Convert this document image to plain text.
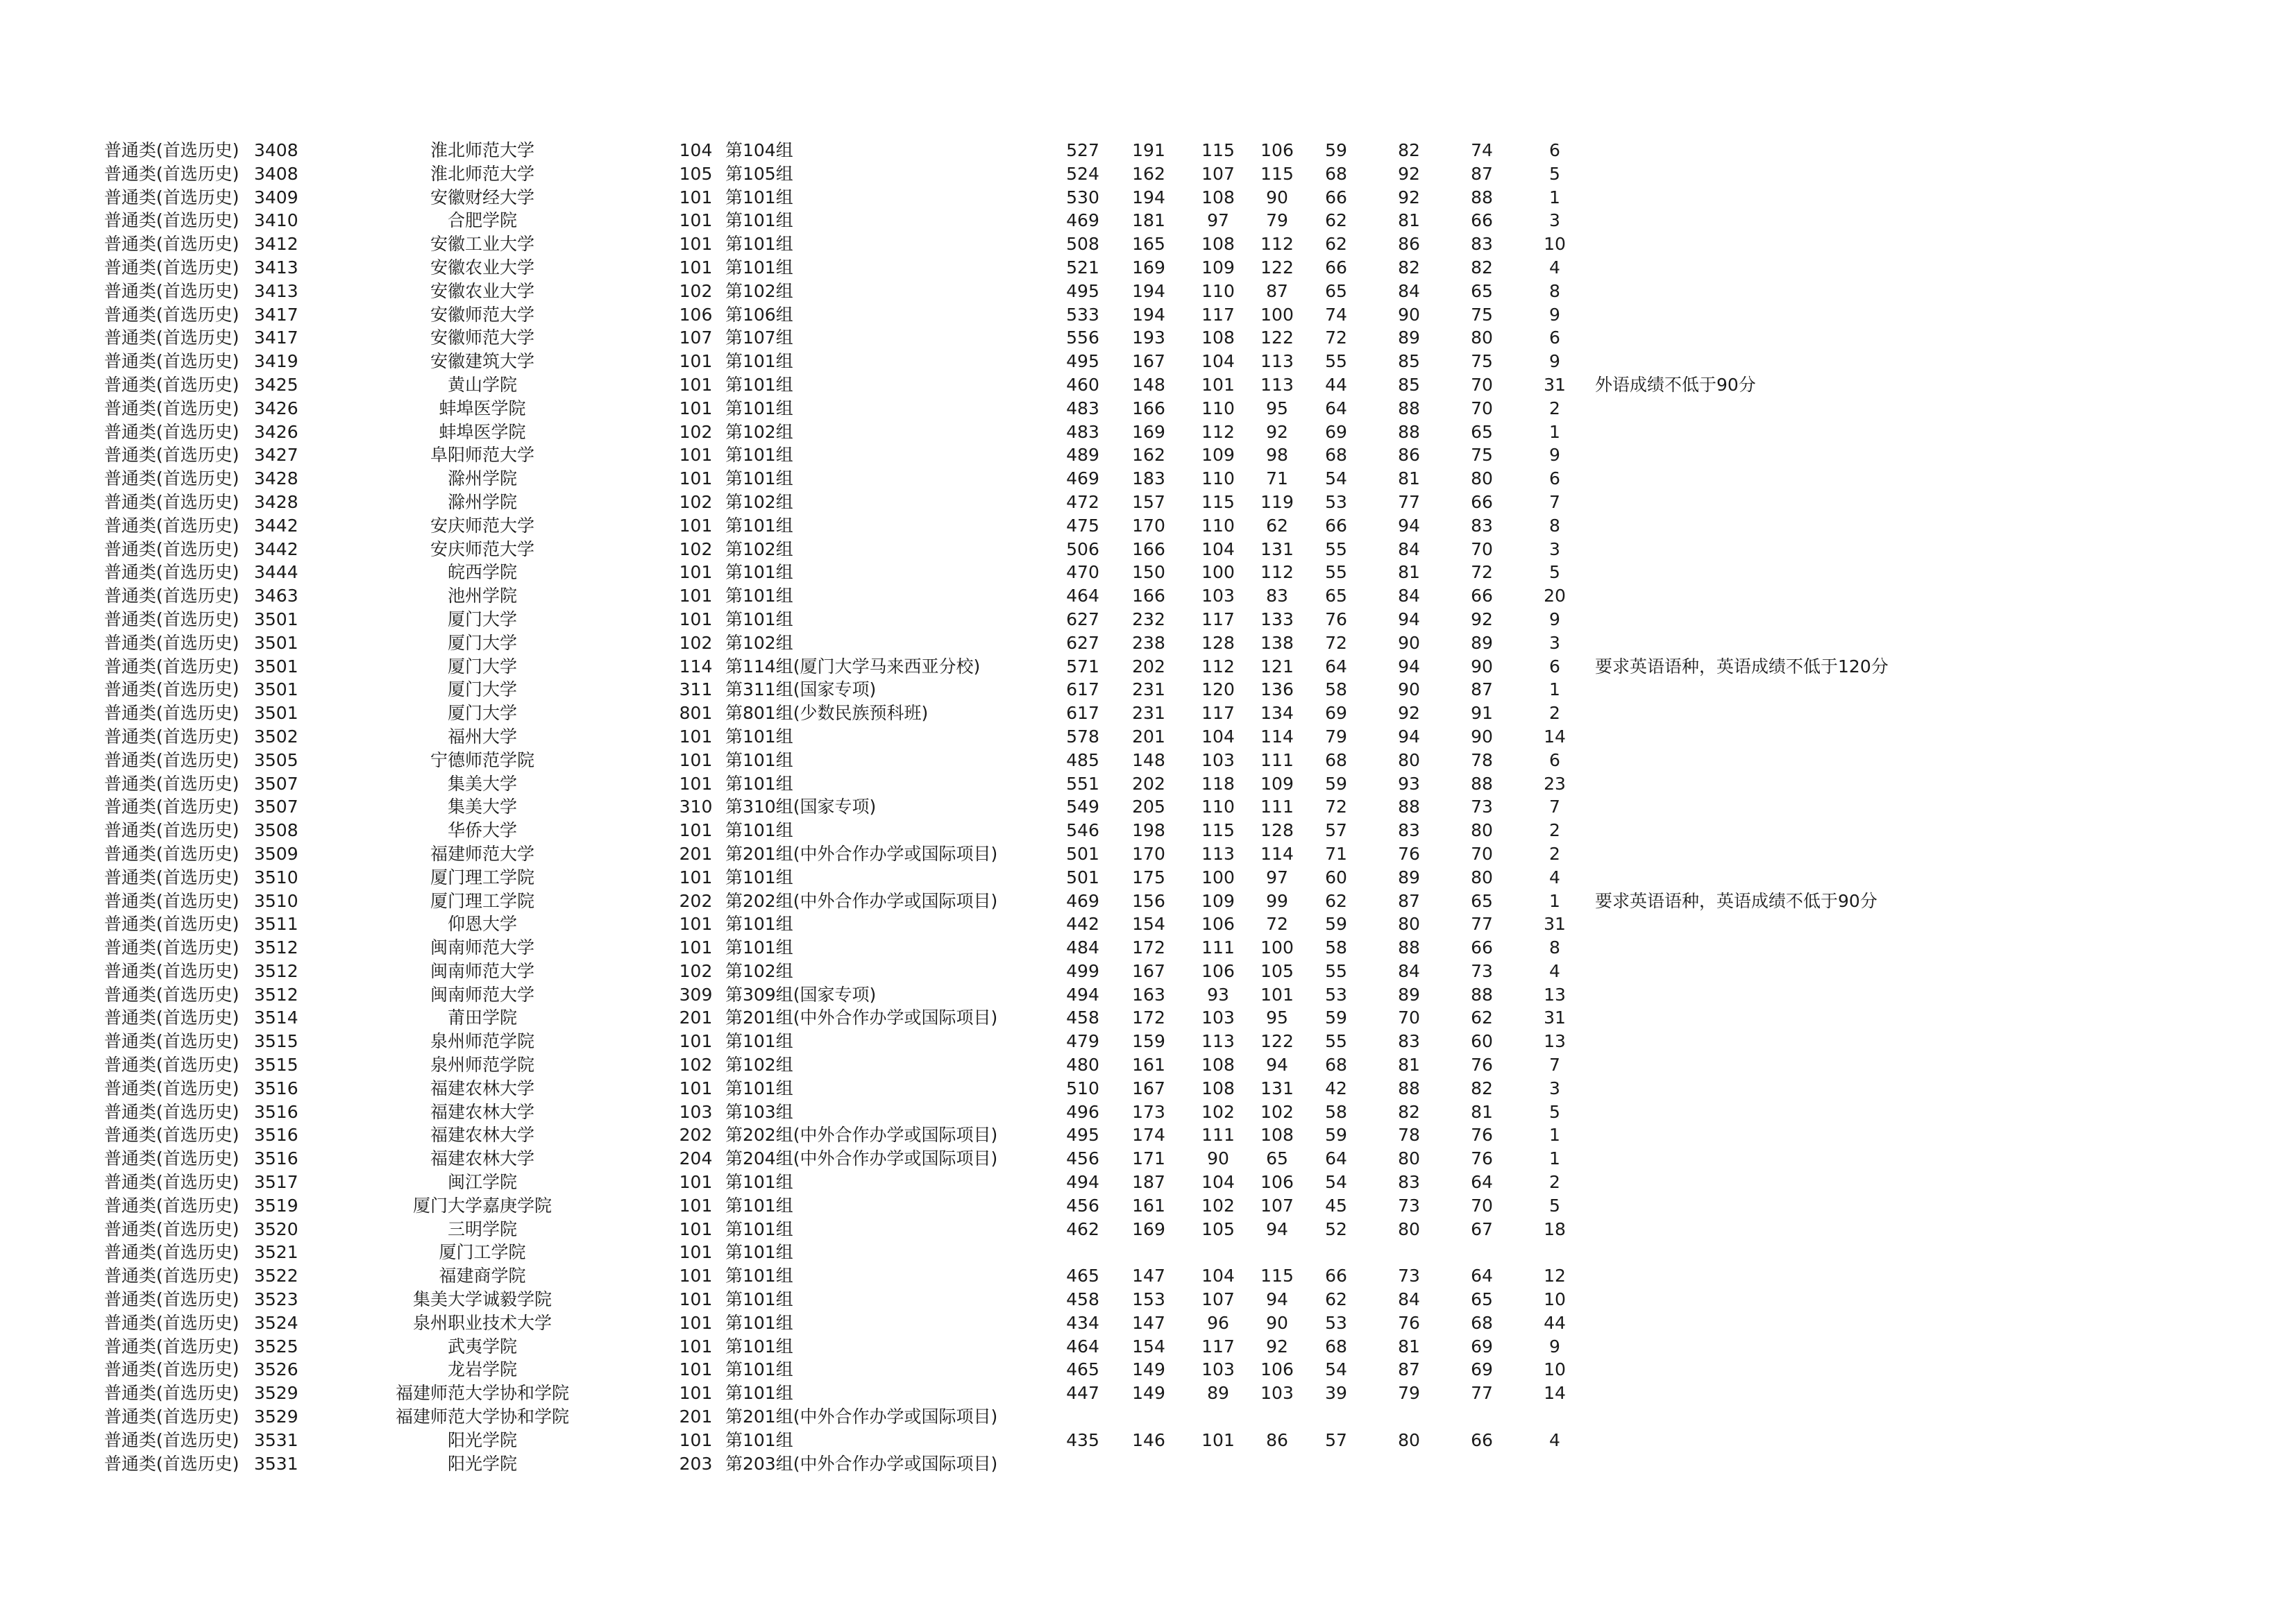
普通类(首选历史) 3408	淮北师范大学	104 第104组	527	191	115	106	59	82	74	6
普通类(首选历史) 3408	淮北师范大学	105 第105组	524	162	107	115	68	92	87	5
普通类(首选历史) 3409	安徽财经大学	101 第101组	530	194	108	90	66	92	88	1
普通类(首选历史) 3410	合肥学院	101 第101组	469	181	97	79	62	81	66	3
普通类(首选历史) 3412	安徽工业大学	101 第101组	508	165	108	112	62	86	83	10
普通类(首选历史) 3413	安徽农业大学	101 第101组	521	169	109	122	66	82	82	4
普通类(首选历史) 3413	安徽农业大学	102 第102组	495	194	110	87	65	84	65	8
普通类(首选历史) 3417	安徽师范大学	106 第106组	533	194	117	100	74	90	75	9
普通类(首选历史) 3417	安徽师范大学	107 第107组	556	193	108	122	72	89	80	6
普通类(首选历史) 3419	安徽建筑大学	101 第101组	495	167	104	113	55	85	75	9
普通类(首选历史) 3425	黄山学院	101 第101组	460	148	101	113	44	85	70	31	外语成绩不低于90分
普通类(首选历史) 3426	蚌埠医学院	101 第101组	483	166	110	95	64	88	70	2
普通类(首选历史) 3426	蚌埠医学院	102 第102组	483	169	112	92	69	88	65	1
普通类(首选历史) 3427	阜阳师范大学	101 第101组	489	162	109	98	68	86	75	9
普通类(首选历史) 3428	滁州学院	101 第101组	469	183	110	71	54	81	80	6
普通类(首选历史) 3428	滁州学院	102 第102组	472	157	115	119	53	77	66	7
普通类(首选历史) 3442	安庆师范大学	101 第101组	475	170	110	62	66	94	83	8
普通类(首选历史) 3442	安庆师范大学	102 第102组	506	166	104	131	55	84	70	3
普通类(首选历史) 3444	皖西学院	101 第101组	470	150	100	112	55	81	72	5
普通类(首选历史) 3463	池州学院	101 第101组	464	166	103	83	65	84	66	20
普通类(首选历史) 3501	厦门大学	101 第101组	627	232	117	133	76	94	92	9
普通类(首选历史) 3501	厦门大学	102 第102组	627	238	128	138	72	90	89	3
普通类(首选历史) 3501	厦门大学	114 第114组(厦门大学马来西亚分校)	571	202	112	121	64	94	90	6	要求英语语种，英语成绩不低于120分
普通类(首选历史) 3501	厦门大学	311 第311组(国家专项)	617	231	120	136	58	90	87	1
普通类(首选历史) 3501	厦门大学	801 第801组(少数民族预科班)	617	231	117	134	69	92	91	2
普通类(首选历史) 3502	福州大学	101 第101组	578	201	104	114	79	94	90	14
普通类(首选历史) 3505	宁德师范学院	101 第101组	485	148	103	111	68	80	78	6
普通类(首选历史) 3507	集美大学	101 第101组	551	202	118	109	59	93	88	23
普通类(首选历史) 3507	集美大学	310 第310组(国家专项)	549	205	110	111	72	88	73	7
普通类(首选历史) 3508	华侨大学	101 第101组	546	198	115	128	57	83	80	2
普通类(首选历史) 3509	福建师范大学	201 第201组(中外合作办学或国际项目)	501	170	113	114	71	76	70	2
普通类(首选历史) 3510	厦门理工学院	101 第101组	501	175	100	97	60	89	80	4
普通类(首选历史) 3510	厦门理工学院	202 第202组(中外合作办学或国际项目)	469	156	109	99	62	87	65	1	要求英语语种，英语成绩不低于90分
普通类(首选历史) 3511	仰恩大学	101 第101组	442	154	106	72	59	80	77	31
普通类(首选历史) 3512	闽南师范大学	101 第101组	484	172	111	100	58	88	66	8
普通类(首选历史) 3512	闽南师范大学	102 第102组	499	167	106	105	55	84	73	4
普通类(首选历史) 3512	闽南师范大学	309 第309组(国家专项)	494	163	93	101	53	89	88	13
普通类(首选历史) 3514	莆田学院	201 第201组(中外合作办学或国际项目)	458	172	103	95	59	70	62	31
普通类(首选历史) 3515	泉州师范学院	101 第101组	479	159	113	122	55	83	60	13
普通类(首选历史) 3515	泉州师范学院	102 第102组	480	161	108	94	68	81	76	7
普通类(首选历史) 3516	福建农林大学	101 第101组	510	167	108	131	42	88	82	3
普通类(首选历史) 3516	福建农林大学	103 第103组	496	173	102	102	58	82	81	5
普通类(首选历史) 3516	福建农林大学	202 第202组(中外合作办学或国际项目)	495	174	111	108	59	78	76	1
普通类(首选历史) 3516	福建农林大学	204 第204组(中外合作办学或国际项目)	456	171	90	65	64	80	76	1
普通类(首选历史) 3517	闽江学院	101 第101组	494	187	104	106	54	83	64	2
普通类(首选历史) 3519	厦门大学嘉庚学院	101 第101组	456	161	102	107	45	73	70	5
普通类(首选历史) 3520	三明学院	101 第101组	462	169	105	94	52	80	67	18
普通类(首选历史) 3521	厦门工学院	101 第101组
普通类(首选历史) 3522	福建商学院	101 第101组	465	147	104	115	66	73	64	12
普通类(首选历史) 3523	集美大学诚毅学院	101 第101组	458	153	107	94	62	84	65	10
普通类(首选历史) 3524	泉州职业技术大学	101 第101组	434	147	96	90	53	76	68	44
普通类(首选历史) 3525	武夷学院	101 第101组	464	154	117	92	68	81	69	9
普通类(首选历史) 3526	龙岩学院	101 第101组	465	149	103	106	54	87	69	10
普通类(首选历史) 3529	福建师范大学协和学院	101 第101组	447	149	89	103	39	79	77	14
普通类(首选历史) 3529	福建师范大学协和学院	201 第201组(中外合作办学或国际项目)
普通类(首选历史) 3531	阳光学院	101 第101组	435	146	101	86	57	80	66	4
普通类(首选历史) 3531	阳光学院	203 第203组(中外合作办学或国际项目)
